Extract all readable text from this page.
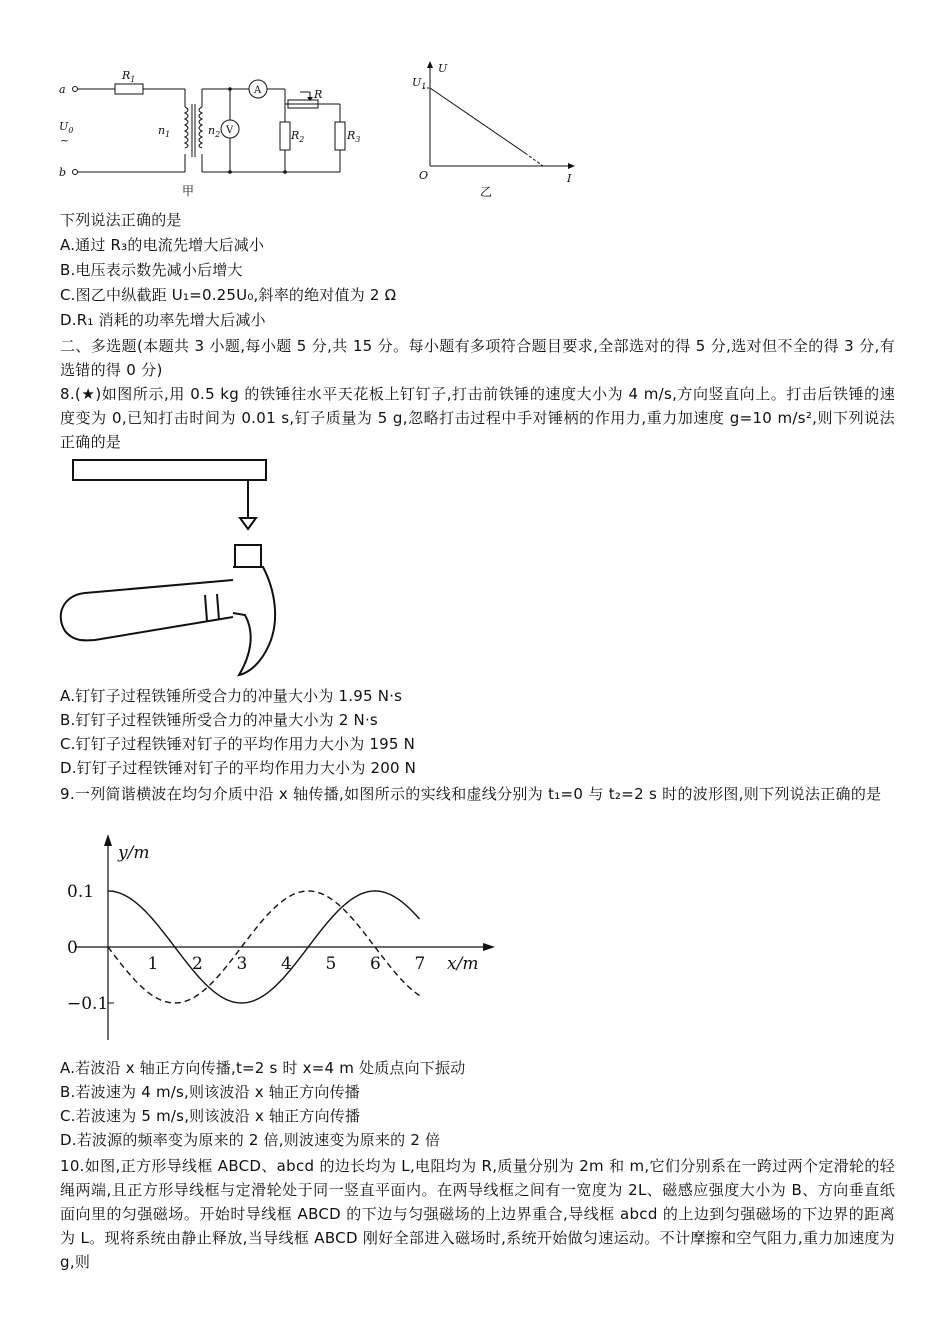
a
b
$U_0$
~
$R_1$
$n_1$	$n_2$
A
V
R
$R_2$	$R_3$
甲
U
$U_1$
O	I
乙
下列说法正确的是
A.通过 R₃的电流先增大后减小
B.电压表示数先减小后增大
C.图乙中纵截距 U₁=0.25U₀,斜率的绝对值为 2 Ω
D.R₁ 消耗的功率先增大后减小
二、多选题(本题共 3 小题,每小题 5 分,共 15 分。每小题有多项符合题目要求,全部选对的得 5 分,选对但不全的得 3 分,有选错的得 0 分)
8.(★)如图所示,用 0.5 kg 的铁锤往水平天花板上钉钉子,打击前铁锤的速度大小为 4 m/s,方向竖直向上。打击后铁锤的速度变为 0,已知打击时间为 0.01 s,钉子质量为 5 g,忽略打击过程中手对锤柄的作用力,重力加速度 g=10 m/s²,则下列说法正确的是
A.钉钉子过程铁锤所受合力的冲量大小为 1.95 N·s
B.钉钉子过程铁锤所受合力的冲量大小为 2 N·s
C.钉钉子过程铁锤对钉子的平均作用力大小为 195 N
D.钉钉子过程铁锤对钉子的平均作用力大小为 200 N
9.一列简谐横波在均匀介质中沿 x 轴传播,如图所示的实线和虚线分别为 t₁=0 与 t₂=2 s 时的波形图,则下列说法正确的是
y/m
x/m
1 2 3 4 5 6 7
0.1
0
−0.1
A.若波沿 x 轴正方向传播,t=2 s 时 x=4 m 处质点向下振动
B.若波速为 4 m/s,则该波沿 x 轴正方向传播
C.若波速为 5 m/s,则该波沿 x 轴正方向传播
D.若波源的频率变为原来的 2 倍,则波速变为原来的 2 倍
10.如图,正方形导线框 ABCD、abcd 的边长均为 L,电阻均为 R,质量分别为 2m 和 m,它们分别系在一跨过两个定滑轮的轻绳两端,且正方形导线框与定滑轮处于同一竖直平面内。在两导线框之间有一宽度为 2L、磁感应强度大小为 B、方向垂直纸面向里的匀强磁场。开始时导线框 ABCD 的下边与匀强磁场的上边界重合,导线框 abcd 的上边到匀强磁场的下边界的距离为 L。现将系统由静止释放,当导线框 ABCD 刚好全部进入磁场时,系统开始做匀速运动。不计摩擦和空气阻力,重力加速度为 g,则
